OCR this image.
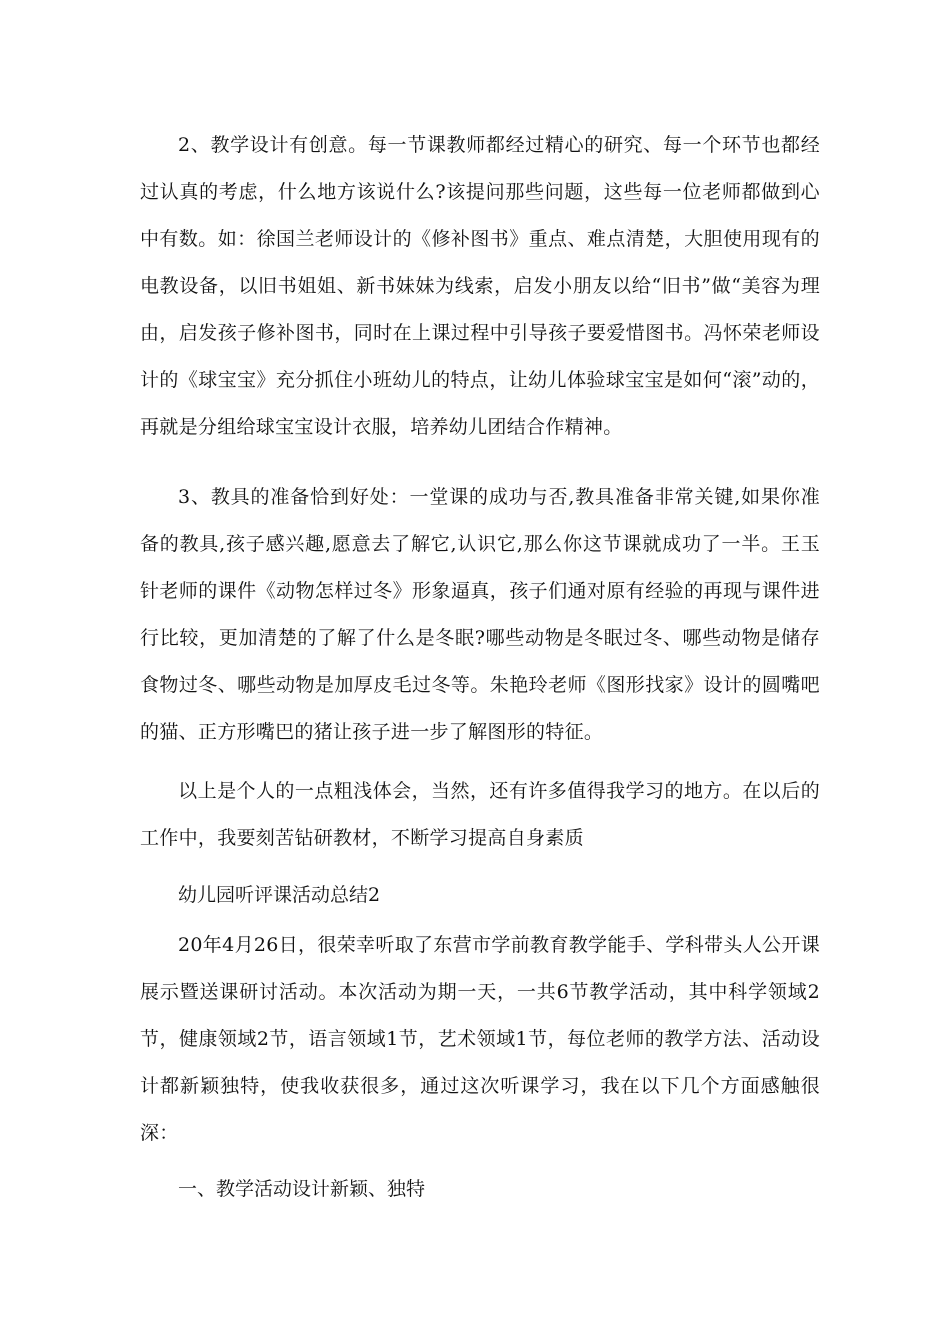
2、教学设计有创意。每一节课教师都经过精心的研究、每一个环节也都经过认真的考虑，什么地方该说什么?该提问那些问题，这些每一位老师都做到心中有数。如：徐国兰老师设计的《修补图书》重点、难点清楚，大胆使用现有的电教设备，以旧书姐姐、新书妹妹为线索，启发小朋友以给“旧书”做“美容为理由，启发孩子修补图书，同时在上课过程中引导孩子要爱惜图书。冯怀荣老师设计的《球宝宝》充分抓住小班幼儿的特点，让幼儿体验球宝宝是如何“滚”动的，再就是分组给球宝宝设计衣服，培养幼儿团结合作精神。

3、教具的准备恰到好处：一堂课的成功与否,教具准备非常关键,如果你准备的教具,孩子感兴趣,愿意去了解它,认识它,那么你这节课就成功了一半。王玉针老师的课件《动物怎样过冬》形象逼真，孩子们通对原有经验的再现与课件进行比较，更加清楚的了解了什么是冬眠?哪些动物是冬眠过冬、哪些动物是储存食物过冬、哪些动物是加厚皮毛过冬等。朱艳玲老师《图形找家》设计的圆嘴吧的猫、正方形嘴巴的猪让孩子进一步了解图形的特征。

以上是个人的一点粗浅体会，当然，还有许多值得我学习的地方。在以后的工作中，我要刻苦钻研教材，不断学习提高自身素质

幼儿园听评课活动总结2

20年4月26日，很荣幸听取了东营市学前教育教学能手、学科带头人公开课展示暨送课研讨活动。本次活动为期一天，一共6节教学活动，其中科学领域2节，健康领域2节，语言领域1节，艺术领域1节，每位老师的教学方法、活动设计都新颖独特，使我收获很多，通过这次听课学习，我在以下几个方面感触很深：

一、教学活动设计新颖、独特
